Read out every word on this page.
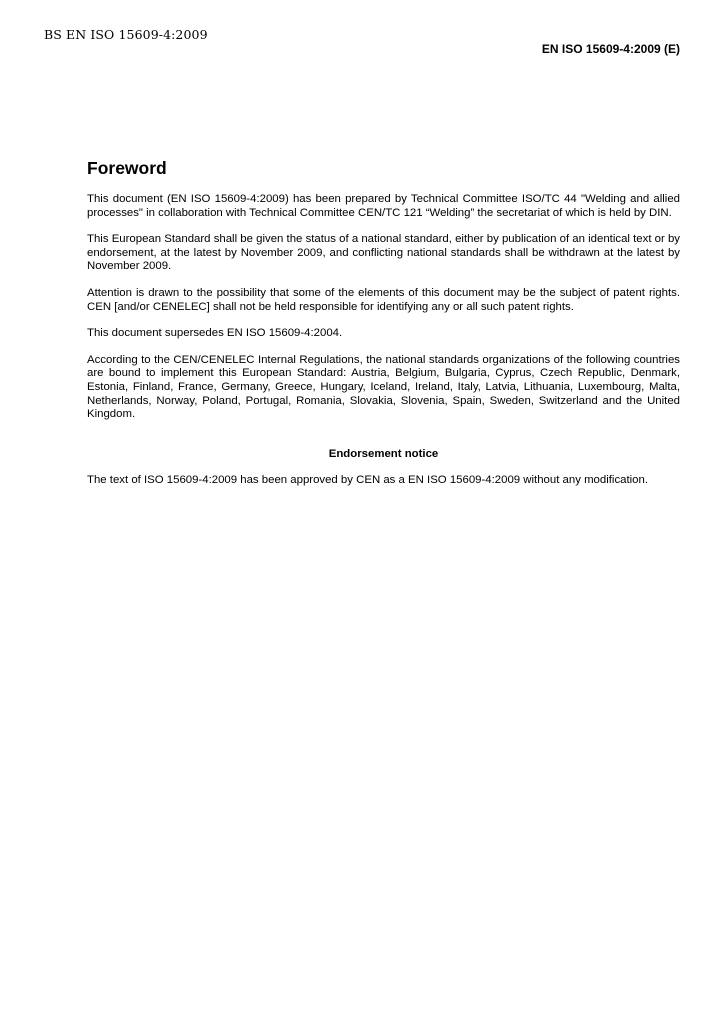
BS EN ISO 15609-4:2009
EN ISO 15609-4:2009 (E)
Foreword

This document (EN ISO 15609-4:2009) has been prepared by Technical Committee ISO/TC 44 "Welding and allied processes" in collaboration with Technical Committee CEN/TC 121 “Welding” the secretariat of which is held by DIN.

This European Standard shall be given the status of a national standard, either by publication of an identical text or by endorsement, at the latest by November 2009, and conflicting national standards shall be withdrawn at the latest by November 2009.

Attention is drawn to the possibility that some of the elements of this document may be the subject of patent rights. CEN [and/or CENELEC] shall not be held responsible for identifying any or all such patent rights.

This document supersedes EN ISO 15609-4:2004.

According to the CEN/CENELEC Internal Regulations, the national standards organizations of the following countries are bound to implement this European Standard: Austria, Belgium, Bulgaria, Cyprus, Czech Republic, Denmark, Estonia, Finland, France, Germany, Greece, Hungary, Iceland, Ireland, Italy, Latvia, Lithuania, Luxembourg, Malta, Netherlands, Norway, Poland, Portugal, Romania, Slovakia, Slovenia, Spain, Sweden, Switzerland and the United Kingdom.

Endorsement notice

The text of ISO 15609-4:2009 has been approved by CEN as a EN ISO 15609-4:2009 without any modification.
